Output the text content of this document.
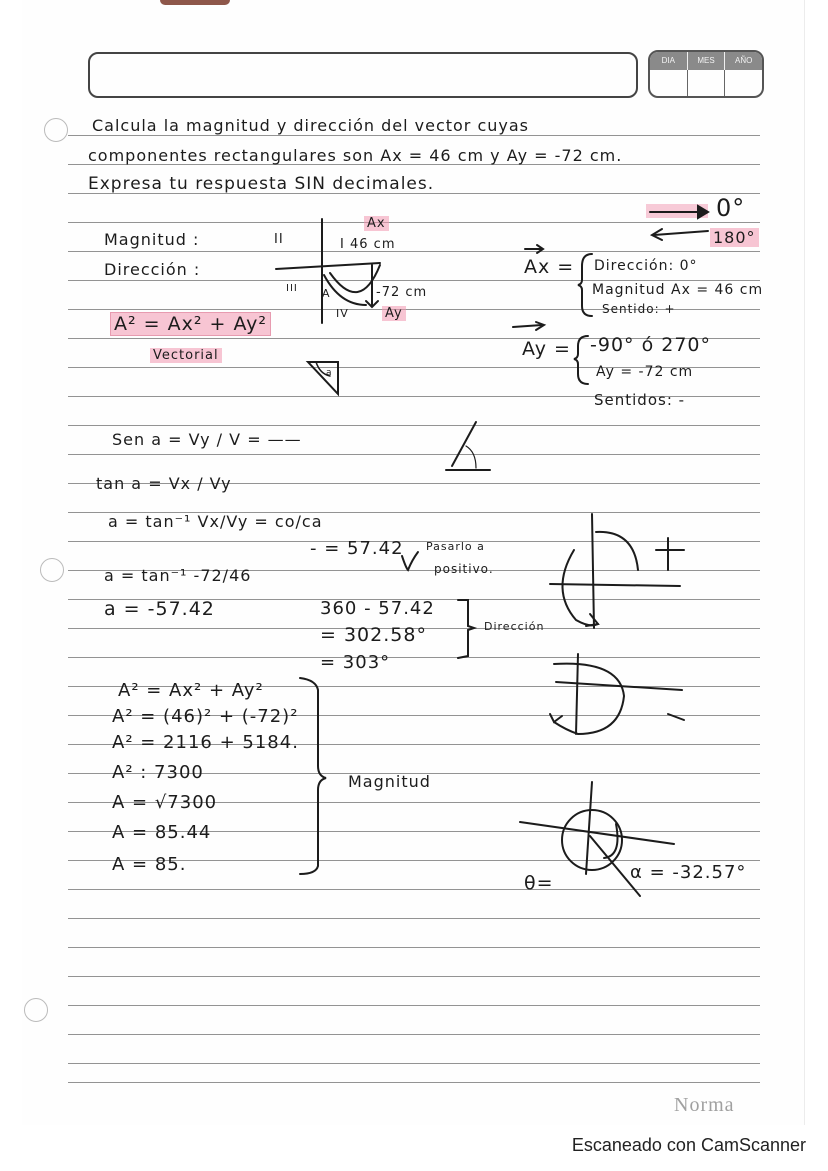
DIA	MES	AÑO
Calcula la magnitud y dirección del vector cuyas
componentes rectangulares son Ax = 46 cm y Ay = -72 cm.
Expresa tu respuesta SIN decimales.
Magnitud :
Dirección :
A² = Ax² + Ay²
Vectorial
II	I 46 cm
Ax
III A	-72 cm
IV	Ay
a
0°
180°
Ax = Dirección: 0°
Magnitud Ax = 46 cm
Sentido: +
Ay = -90° ó 270°
Ay = -72 cm
Sentidos: -
Sen a = Vy / V = ——
tan a = Vx / Vy
a = tan⁻¹ Vx/Vy = co/ca
a = tan⁻¹ -72/46
a = -57.42
- = 57.42 Pasarlo a
positivo.
360 - 57.42
= 302.58°
= 303°
Dirección
A² = Ax² + Ay²
A² = (46)² + (-72)²
A² = 2116 + 5184.
A² : 7300
A = √7300
A = 85.44
A = 85.
Magnitud
θ=	α = -32.57°
Norma
Escaneado con CamScanner
